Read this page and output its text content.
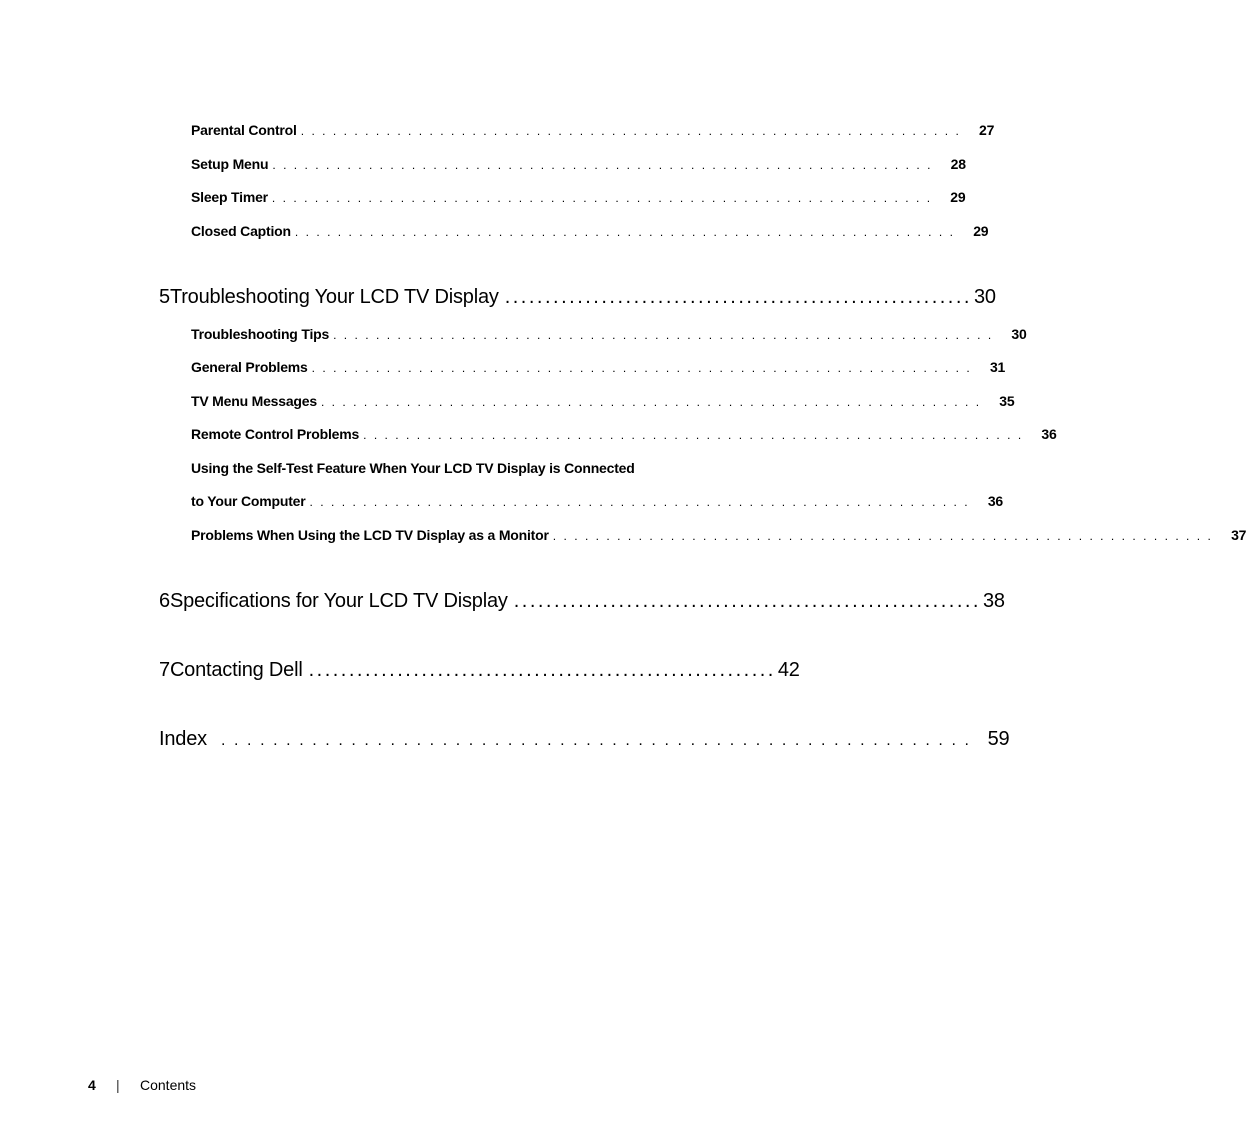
Parental Control .............................................................. 27
Setup Menu .............................................................. 28
Sleep Timer .............................................................. 29
Closed Caption .............................................................. 29
5 Troubleshooting Your LCD TV Display .......................................................... 30
Troubleshooting Tips .............................................................. 30
General Problems .............................................................. 31
TV Menu Messages .............................................................. 35
Remote Control Problems .............................................................. 36
Using the Self-Test Feature When Your LCD TV Display is Connected
to Your Computer .............................................................. 36
Problems When Using the LCD TV Display as a Monitor .............................................................. 37
6 Specifications for Your LCD TV Display .......................................................... 38
7 Contacting Dell .......................................................... 42
Index .......................................................... 59
4 | Contents
